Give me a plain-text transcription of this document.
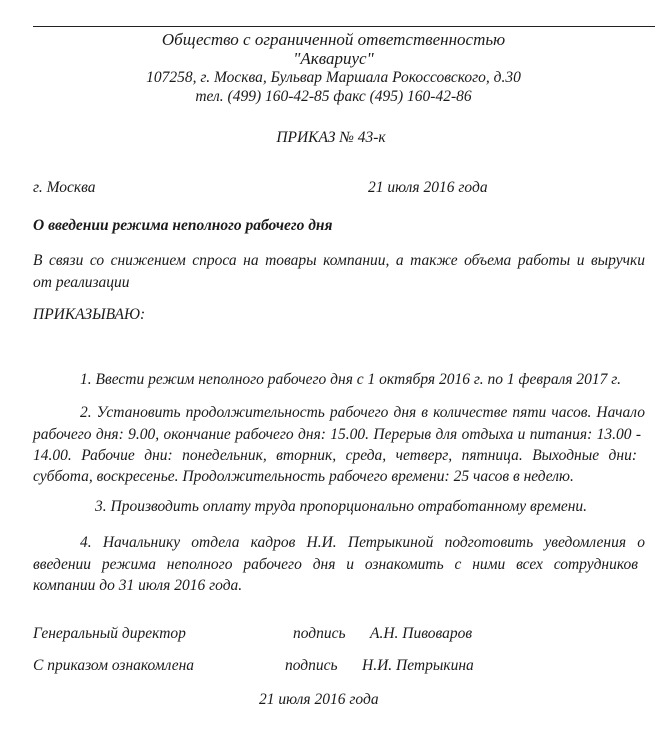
Общество с ограниченной ответственностью
"Аквариус"
107258, г. Москва, Бульвар Маршала Рокоссовского, д.30
тел. (499) 160-42-85 факс (495) 160-42-86
ПРИКАЗ № 43-к
г. Москва	21 июля 2016 года
О введении режима неполного рабочего дня
В связи со снижением спроса на товары компании, а также объема работы и выручки
от реализации
ПРИКАЗЫВАЮ:
1. Ввести режим неполного рабочего дня с 1 октября 2016 г. по 1 февраля 2017 г.
2. Установить продолжительность рабочего дня в количестве пяти часов. Начало
рабочего дня: 9.00, окончание рабочего дня: 15.00. Перерыв для отдыха и питания: 13.00 -
14.00. Рабочие дни: понедельник, вторник, среда, четверг, пятница. Выходные дни:
суббота, воскресенье. Продолжительность рабочего времени: 25 часов в неделю.
3. Производить оплату труда пропорционально отработанному времени.
4. Начальнику отдела кадров Н.И. Петрыкиной подготовить уведомления о
введении режима неполного рабочего дня и ознакомить с ними всех сотрудников
компании до 31 июля 2016 года.
Генеральный директор	подпись А.Н. Пивоваров
С приказом ознакомлена	подпись Н.И. Петрыкина
21 июля 2016 года
